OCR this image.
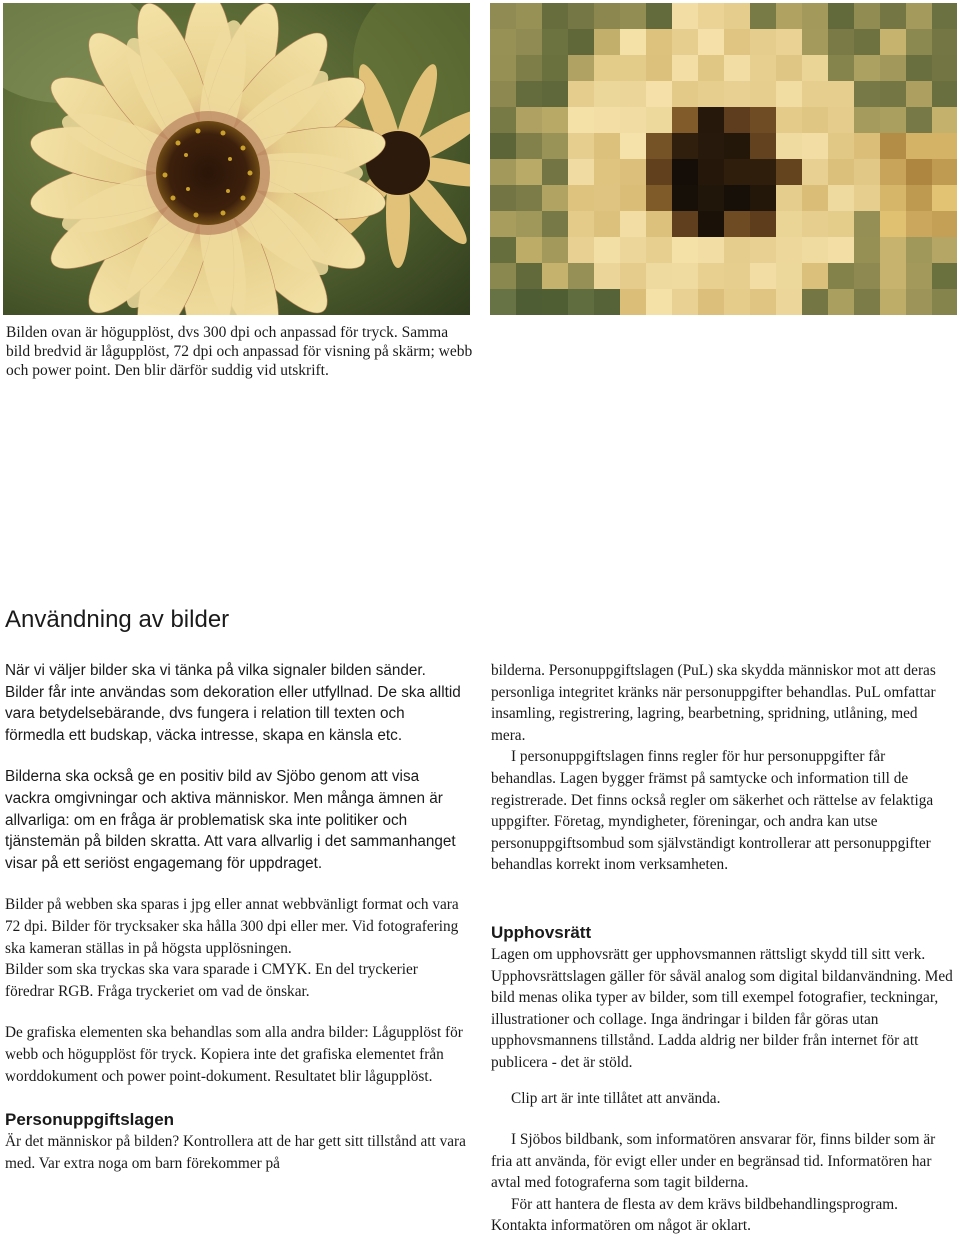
Bilden ovan är högupplöst, dvs 300 dpi och anpassad för tryck. Samma bild bredvid är lågupplöst, 72 dpi och anpassad för visning på skärm; webb och power point. Den blir därför suddig vid utskrift.

Användning av bilder

När vi väljer bilder ska vi tänka på vilka signaler bilden sänder. Bilder får inte användas som dekoration eller utfyllnad. De ska alltid vara betydelsebärande, dvs fungera i relation till texten och förmedla ett budskap, väcka intresse, skapa en känsla etc.

Bilderna ska också ge en positiv bild av Sjöbo genom att visa vackra omgivningar och aktiva människor. Men många ämnen är allvarliga: om en fråga är problematisk ska inte politiker och tjänstemän på bilden skratta. Att vara allvarlig i det sammanhanget visar på ett seriöst engagemang för uppdraget.

Bilder på webben ska sparas i jpg eller annat webbvänligt format och vara 72 dpi. Bilder för trycksaker ska hålla 300 dpi eller mer. Vid fotografering ska kameran ställas in på högsta upplösningen.

Bilder som ska tryckas ska vara sparade i CMYK. En del tryckerier föredrar RGB. Fråga tryckeriet om vad de önskar.

De grafiska elementen ska behandlas som alla andra bilder: Lågupplöst för webb och högupplöst för tryck. Kopiera inte det grafiska elementet från worddokument och power point-dokument. Resultatet blir lågupplöst.

Personuppgiftslagen

Är det människor på bilden? Kontrollera att de har gett sitt tillstånd att vara med. Var extra noga om barn förekommer på

bilderna. Personuppgiftslagen (PuL) ska skydda människor mot att deras personliga integritet kränks när personuppgifter behandlas. PuL omfattar insamling, registrering, lagring, bearbetning, spridning, utlåning, med mera.

I personuppgiftslagen finns regler för hur personuppgifter får behandlas. Lagen bygger främst på samtycke och information till de registrerade. Det finns också regler om säkerhet och rättelse av felaktiga uppgifter. Företag, myndigheter, föreningar, och andra kan utse personuppgiftsombud som självständigt kontrollerar att personuppgifter behandlas korrekt inom verksamheten.

Upphovsrätt

Lagen om upphovsrätt ger upphovsmannen rättsligt skydd till sitt verk. Upphovsrättslagen gäller för såväl analog som digital bildanvändning. Med bild menas olika typer av bilder, som till exempel fotografier, teckningar, illustrationer och collage. Inga ändringar i bilden får göras utan upphovsmannens tillstånd. Ladda aldrig ner bilder från internet för att publicera - det är stöld.

Clip art är inte tillåtet att använda.

I Sjöbos bildbank, som informatören ansvarar för, finns bilder som är fria att använda, för evigt eller under en begränsad tid. Informatören har avtal med fotograferna som tagit bilderna.

För att hantera de flesta av dem krävs bildbehandlingsprogram. Kontakta informatören om något är oklart.
